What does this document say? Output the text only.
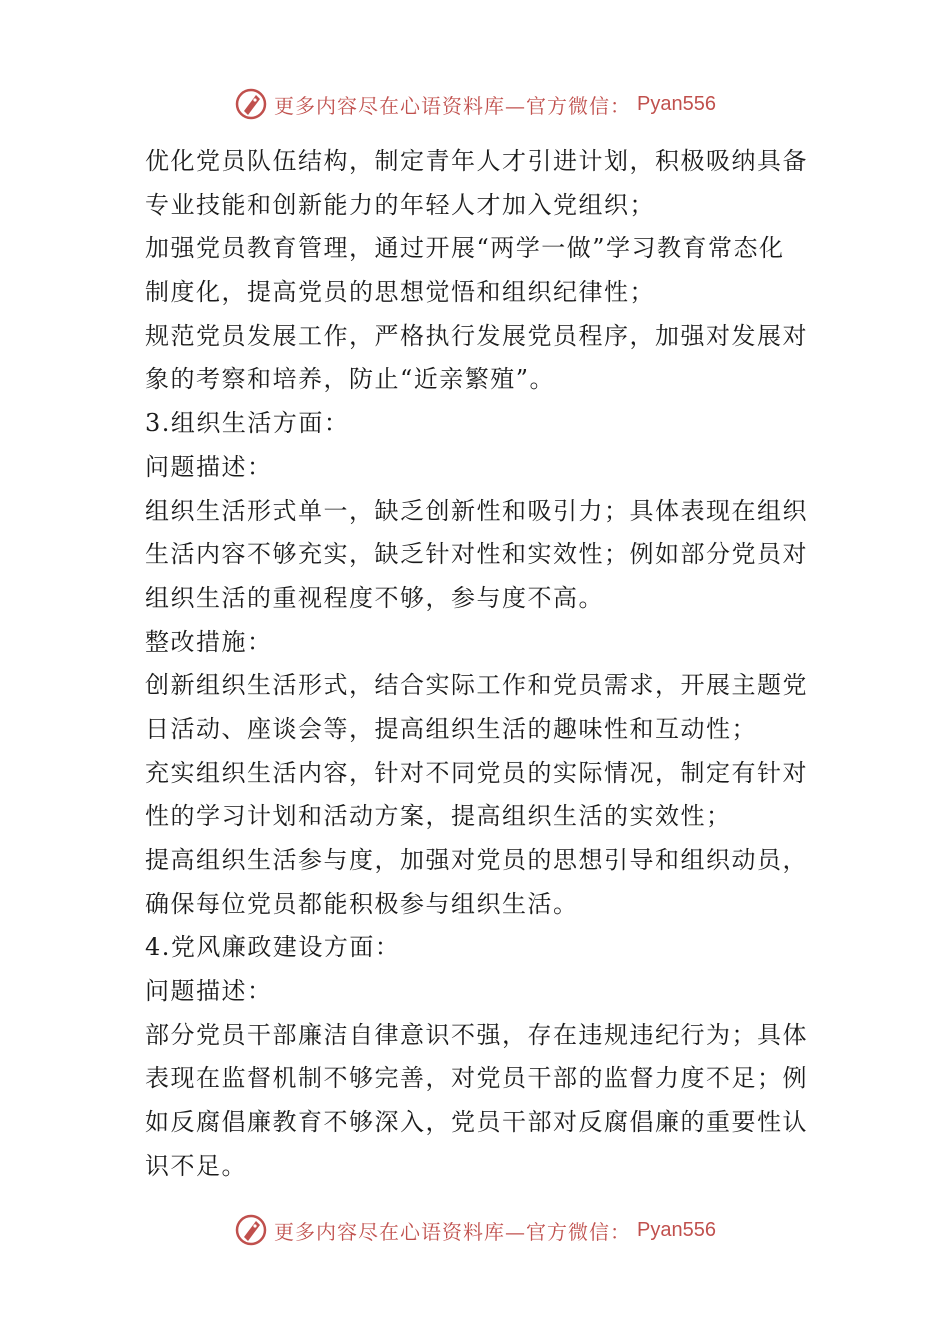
更多内容尽在心语资料库—官方微信： Pyan556
优化党员队伍结构，制定青年人才引进计划，积极吸纳具备
专业技能和创新能力的年轻人才加入党组织；
加强党员教育管理，通过开展“两学一做”学习教育常态化
制度化，提高党员的思想觉悟和组织纪律性；
规范党员发展工作，严格执行发展党员程序，加强对发展对
象的考察和培养，防止“近亲繁殖”。
3.组织生活方面：
问题描述：
组织生活形式单一，缺乏创新性和吸引力；具体表现在组织
生活内容不够充实，缺乏针对性和实效性；例如部分党员对
组织生活的重视程度不够，参与度不高。
整改措施：
创新组织生活形式，结合实际工作和党员需求，开展主题党
日活动、座谈会等，提高组织生活的趣味性和互动性；
充实组织生活内容，针对不同党员的实际情况，制定有针对
性的学习计划和活动方案，提高组织生活的实效性；
提高组织生活参与度，加强对党员的思想引导和组织动员，
确保每位党员都能积极参与组织生活。
4.党风廉政建设方面：
问题描述：
部分党员干部廉洁自律意识不强，存在违规违纪行为；具体
表现在监督机制不够完善，对党员干部的监督力度不足；例
如反腐倡廉教育不够深入，党员干部对反腐倡廉的重要性认
识不足。
更多内容尽在心语资料库—官方微信： Pyan556
